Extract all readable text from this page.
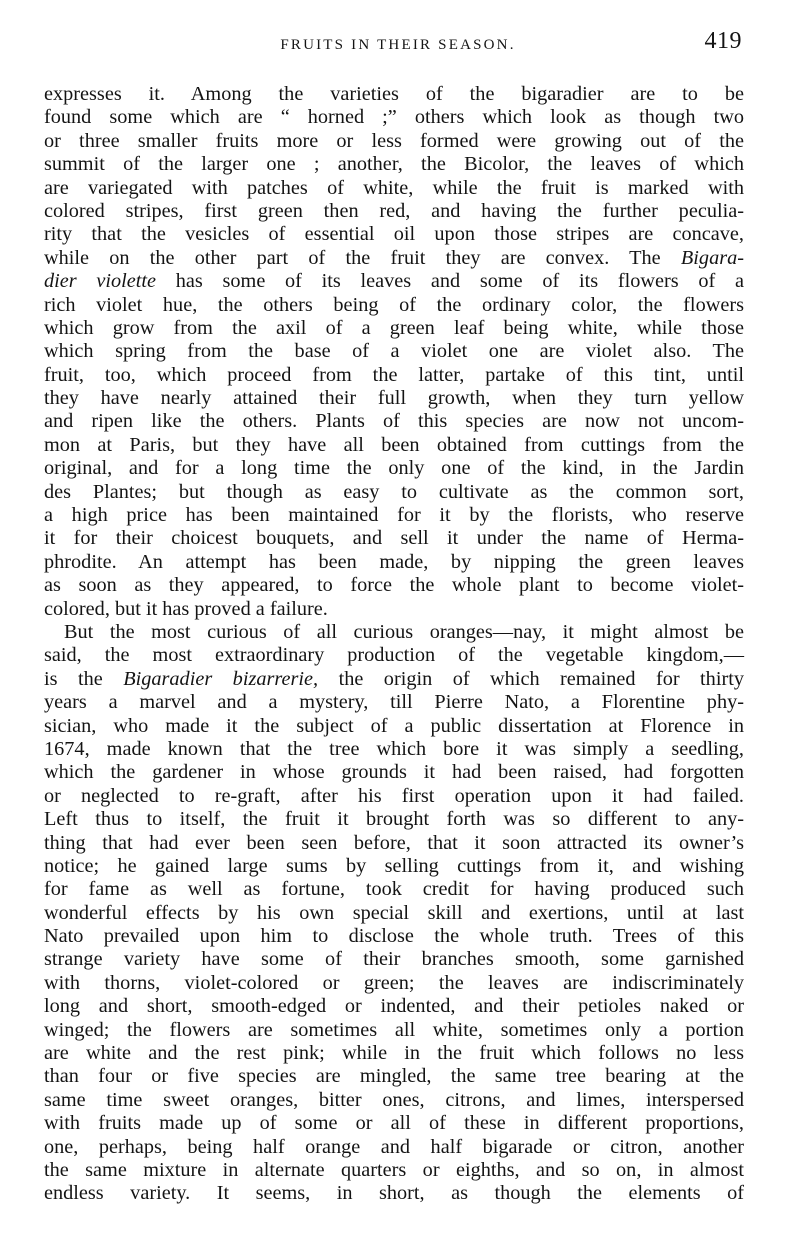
FRUITS IN THEIR SEASON.	419
expresses it. Among the varieties of the bigaradier are to be
found some which are “ horned ;” others which look as though two
or three smaller fruits more or less formed were growing out of the
summit of the larger one ; another, the Bicolor, the leaves of which
are variegated with patches of white, while the fruit is marked with
colored stripes, first green then red, and having the further peculia-
rity that the vesicles of essential oil upon those stripes are concave,
while on the other part of the fruit they are convex. The Bigara-
dier violette has some of its leaves and some of its flowers of a
rich violet hue, the others being of the ordinary color, the flowers
which grow from the axil of a green leaf being white, while those
which spring from the base of a violet one are violet also. The
fruit, too, which proceed from the latter, partake of this tint, until
they have nearly attained their full growth, when they turn yellow
and ripen like the others. Plants of this species are now not uncom-
mon at Paris, but they have all been obtained from cuttings from the
original, and for a long time the only one of the kind, in the Jardin
des Plantes; but though as easy to cultivate as the common sort,
a high price has been maintained for it by the florists, who reserve
it for their choicest bouquets, and sell it under the name of Herma-
phrodite. An attempt has been made, by nipping the green leaves
as soon as they appeared, to force the whole plant to become violet-
colored, but it has proved a failure.
But the most curious of all curious oranges—nay, it might almost be
said, the most extraordinary production of the vegetable kingdom,—
is the Bigaradier bizarrerie, the origin of which remained for thirty
years a marvel and a mystery, till Pierre Nato, a Florentine phy-
sician, who made it the subject of a public dissertation at Florence in
1674, made known that the tree which bore it was simply a seedling,
which the gardener in whose grounds it had been raised, had forgotten
or neglected to re-graft, after his first operation upon it had failed.
Left thus to itself, the fruit it brought forth was so different to any-
thing that had ever been seen before, that it soon attracted its owner’s
notice; he gained large sums by selling cuttings from it, and wishing
for fame as well as fortune, took credit for having produced such
wonderful effects by his own special skill and exertions, until at last
Nato prevailed upon him to disclose the whole truth. Trees of this
strange variety have some of their branches smooth, some garnished
with thorns, violet-colored or green; the leaves are indiscriminately
long and short, smooth-edged or indented, and their petioles naked or
winged; the flowers are sometimes all white, sometimes only a portion
are white and the rest pink; while in the fruit which follows no less
than four or five species are mingled, the same tree bearing at the
same time sweet oranges, bitter ones, citrons, and limes, interspersed
with fruits made up of some or all of these in different proportions,
one, perhaps, being half orange and half bigarade or citron, another
the same mixture in alternate quarters or eighths, and so on, in almost
endless variety. It seems, in short, as though the elements of
